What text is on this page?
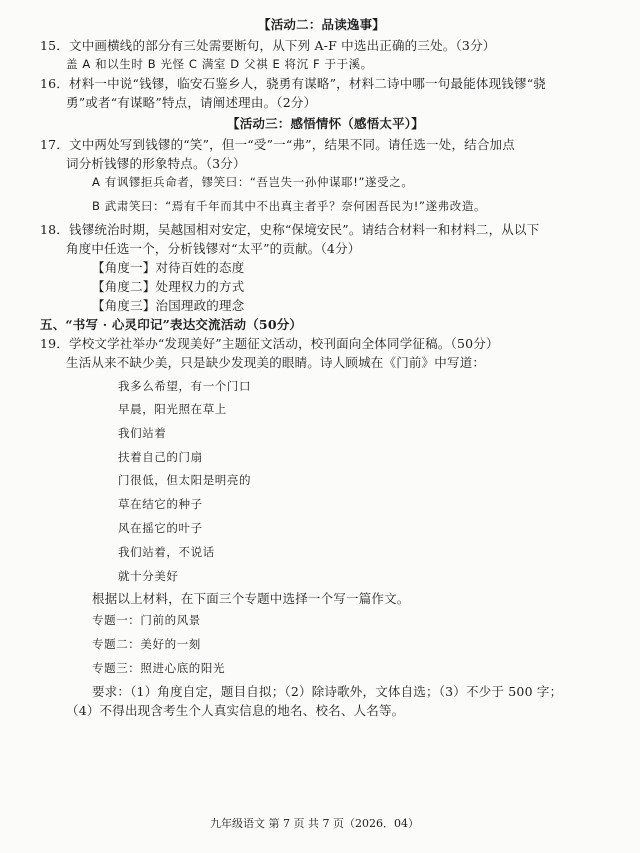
【活动二：品读逸事】
15．文中画横线的部分有三处需要断句，从下列 A-F 中选出正确的三处。（3分）
盖 A 和以生时 B 光怪 C 满室 D 父祺 E 将沉 F 于于溪。
16．材料一中说“钱镠，临安石鉴乡人，骁勇有谋略”，材料二诗中哪一句最能体现钱镠“骁
勇”或者“有谋略”特点，请阐述理由。（2分）
【活动三：感悟情怀（感悟太平）】
17．文中两处写到钱镠的“笑”，但一“受”一“弗”，结果不同。请任选一处，结合加点
词分析钱镠的形象特点。（3分）
A 有讽镠拒兵命者，镠笑曰：“吾岂失一孙仲谋耶!”遂受之。
B 武肃笑曰：“焉有千年而其中不出真主者乎？奈何困吾民为!”遂弗改造。
18．钱镠统治时期，吴越国相对安定，史称“保境安民”。请结合材料一和材料二，从以下
角度中任选一个，分析钱镠对“太平”的贡献。（4分）
【角度一】对待百姓的态度
【角度二】处理权力的方式
【角度三】治国理政的理念
五、“书写 · 心灵印记”表达交流活动（50分）
19．学校文学社举办“发现美好”主题征文活动，校刊面向全体同学征稿。（50分）
生活从来不缺少美，只是缺少发现美的眼睛。诗人顾城在《门前》中写道：
我多么希望，有一个门口
早晨，阳光照在草上
我们站着
扶着自己的门扇
门很低，但太阳是明亮的
草在结它的种子
风在摇它的叶子
我们站着，不说话
就十分美好
根据以上材料，在下面三个专题中选择一个写一篇作文。
专题一：门前的风景
专题二：美好的一刻
专题三：照进心底的阳光
要求：（1）角度自定，题目自拟；（2）除诗歌外，文体自选；（3）不少于 500 字；
（4）不得出现含考生个人真实信息的地名、校名、人名等。
九年级语文 第 7 页 共 7 页（2026．04）
